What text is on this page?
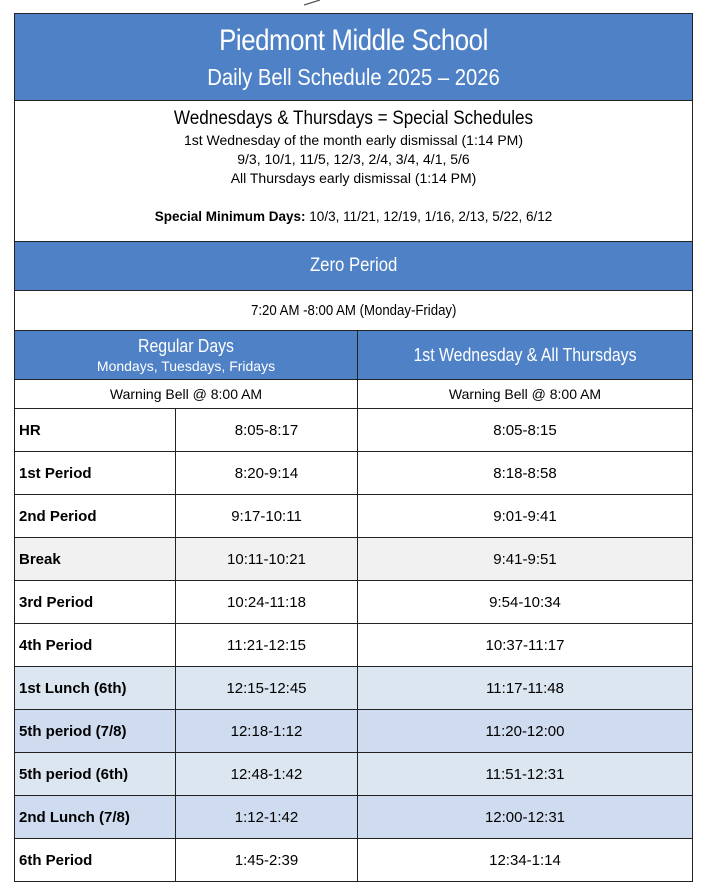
Piedmont Middle School
Daily Bell Schedule 2025 – 2026		

Wednesdays & Thursdays = Special Schedules
1st Wednesday of the month early dismissal (1:14 PM)
9/3, 10/1, 11/5, 12/3, 2/4, 3/4, 4/1, 5/6
All Thursdays early dismissal (1:14 PM)
Special Minimum Days: 10/3, 11/21, 12/19, 1/16, 2/13, 5/22, 6/12		

Zero Period		
7:20 AM -8:00 AM (Monday-Friday)		

Regular Days
Mondays, Tuesdays, Fridays		1st Wednesday & All Thursdays

Warning Bell @ 8:00 AM		Warning Bell @ 8:00 AM
HR	8:05-8:17	8:05-8:15
1st Period	8:20-9:14	8:18-8:58
2nd Period	9:17-10:11	9:01-9:41
Break	10:11-10:21	9:41-9:51
3rd Period	10:24-11:18	9:54-10:34
4th Period	11:21-12:15	10:37-11:17
1st Lunch (6th)	12:15-12:45	11:17-11:48
5th period (7/8)	12:18-1:12	11:20-12:00
5th period (6th)	12:48-1:42	11:51-12:31
2nd Lunch (7/8)	1:12-1:42	12:00-12:31
6th Period	1:45-2:39	12:34-1:14
